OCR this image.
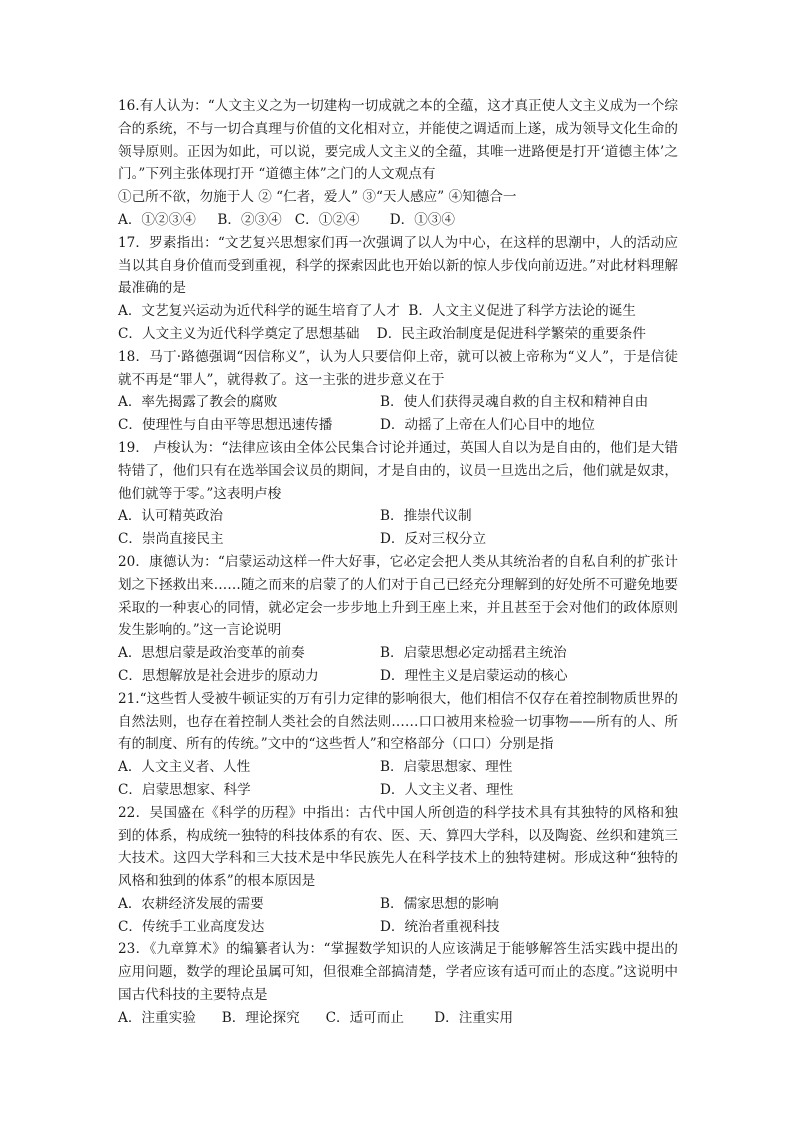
16.有人认为：“人文主义之为一切建构一切成就之本的全蕴，这才真正使人文主义成为一个综合的系统，不与一切合真理与价值的文化相对立，并能使之调适而上遂，成为领导文化生命的领导原则。正因为如此，可以说，要完成人文主义的全蕴，其唯一进路便是打开‘道德主体’之门。”下列主张体现打开 “道德主体”之门的人文观点有

①己所不欲，勿施于人 ② “仁者，爱人” ③“天人感应” ④知德合一

A．①②③④     B．②③④   C．①②④       D．①③④

17．罗素指出：“文艺复兴思想家们再一次强调了以人为中心，在这样的思潮中，人的活动应当以其自身价值而受到重视，科学的探索因此也开始以新的惊人步伐向前迈进。”对此材料理解最准确的是

A．文艺复兴运动为近代科学的诞生培育了人才 B．人文主义促进了科学方法论的诞生
C．人文主义为近代科学奠定了思想基础 D．民主政治制度是促进科学繁荣的重要条件

18．马丁·路德强调“因信称义”，认为人只要信仰上帝，就可以被上帝称为“义人”，于是信徒就不再是“罪人”，就得救了。这一主张的进步意义在于

A．率先揭露了教会的腐败	B．使人们获得灵魂自救的自主权和精神自由
C．使理性与自由平等思想迅速传播	D．动摇了上帝在人们心目中的地位

19． 卢梭认为：“法律应该由全体公民集合讨论并通过，英国人自以为是自由的，他们是大错特错了，他们只有在选举国会议员的期间，才是自由的，议员一旦选出之后，他们就是奴隶，他们就等于零。”这表明卢梭

A．认可精英政治	B．推崇代议制
C．崇尚直接民主	D．反对三权分立

20．康德认为：“启蒙运动这样一件大好事，它必定会把人类从其统治者的自私自利的扩张计划之下拯救出来……随之而来的启蒙了的人们对于自己已经充分理解到的好处所不可避免地要采取的一种衷心的同情，就必定会一步步地上升到王座上来，并且甚至于会对他们的政体原则发生影响的。”这一言论说明

A．思想启蒙是政治变革的前奏	B．启蒙思想必定动摇君主统治
C．思想解放是社会进步的原动力	D．理性主义是启蒙运动的核心

21.“这些哲人受被牛顿证实的万有引力定律的影响很大，他们相信不仅存在着控制物质世界的自然法则，也存在着控制人类社会的自然法则……口口被用来检验一切事物——所有的人、所有的制度、所有的传统。”文中的“这些哲人”和空格部分（口口）分别是指

A．人文主义者、人性	B．启蒙思想家、理性
C．启蒙思想家、科学	D．人文主义者、理性

22．吴国盛在《科学的历程》中指出：古代中国人所创造的科学技术具有其独特的风格和独到的体系，构成统一独特的科技体系的有农、医、天、算四大学科，以及陶瓷、丝织和建筑三大技术。这四大学科和三大技术是中华民族先人在科学技术上的独特建树。形成这种“独特的风格和独到的体系”的根本原因是

A．农耕经济发展的需要	B．儒家思想的影响
C．传统手工业高度发达	D．统治者重视科技

23．《九章算术》的编纂者认为：“掌握数学知识的人应该满足于能够解答生活实践中提出的应用问题，数学的理论虽属可知，但很难全部搞清楚，学者应该有适可而止的态度。”这说明中国古代科技的主要特点是

A．注重实验      B．理论探究      C．适可而止       D．注重实用
